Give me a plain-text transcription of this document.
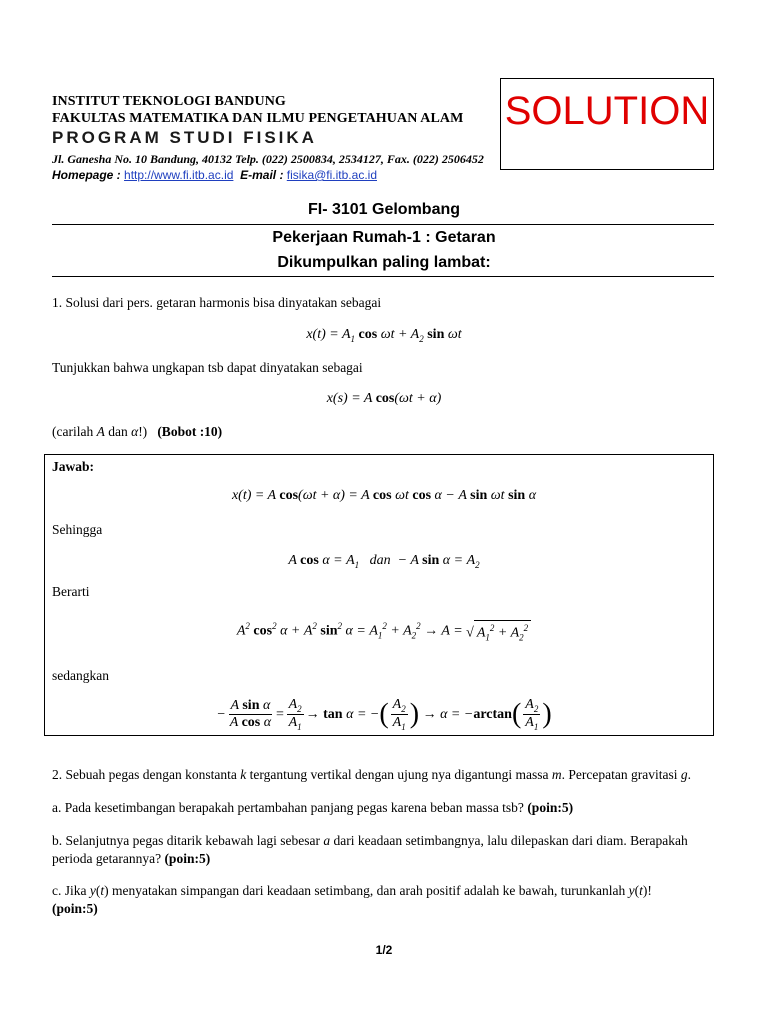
INSTITUT TEKNOLOGI BANDUNG
FAKULTAS MATEMATIKA DAN ILMU PENGETAHUAN ALAM
PROGRAM STUDI FISIKA
Jl. Ganesha No. 10 Bandung, 40132 Telp. (022) 2500834, 2534127, Fax. (022) 2506452
Homepage : http://www.fi.itb.ac.id E-mail : fisika@fi.itb.ac.id
SOLUTION
FI- 3101 Gelombang
Pekerjaan Rumah-1 : Getaran
Dikumpulkan paling lambat:
1. Solusi dari pers. getaran harmonis bisa dinyatakan sebagai
$x(t) = A_1$ $\cos \omega t + A_2$ sin ωt
Tunjukkan bahwa ungkapan tsb dapat dinyatakan sebagai
x(s) = A cos(ωt + α)
(carilah A dan α!) (Bobot :10)
Jawab:
x(t) = A cos(ωt + α) = A cos ωt cos α − A sin ωt sin α
Sehingga
A $\cos \alpha = A_1$ dan  − A $\sin \alpha = A_2$
Berarti
$A^2$ $\cos^2 \alpha + A^2$ $\sin^2 \alpha = A_1^2 + A_2^2 \to A$ = √ $A_1^2 + A_2^2$
sedangkan
− $\frac{\text{A sin α}}{\text{A cos α}} = \frac{A_2}{A_1} \to \tan \alpha$ = −( $\frac{A_2}{A_1}$ ) → $\alpha = -\arctan( \frac{A_2}{A_1}$ )
2. Sebuah pegas dengan konstanta k tergantung vertikal dengan ujung nya digantungi massa m. Percepatan gravitasi g.
a. Pada kesetimbangan berapakah pertambahan panjang pegas karena beban massa tsb? (poin:5)
b. Selanjutnya pegas ditarik kebawah lagi sebesar a dari keadaan setimbangnya, lalu dilepaskan dari diam. Berapakah
perioda getarannya? (poin:5)
c. Jika y(t) menyatakan simpangan dari keadaan setimbang, dan arah positif adalah ke bawah, turunkanlah y(t)!
(poin:5)
1/2
